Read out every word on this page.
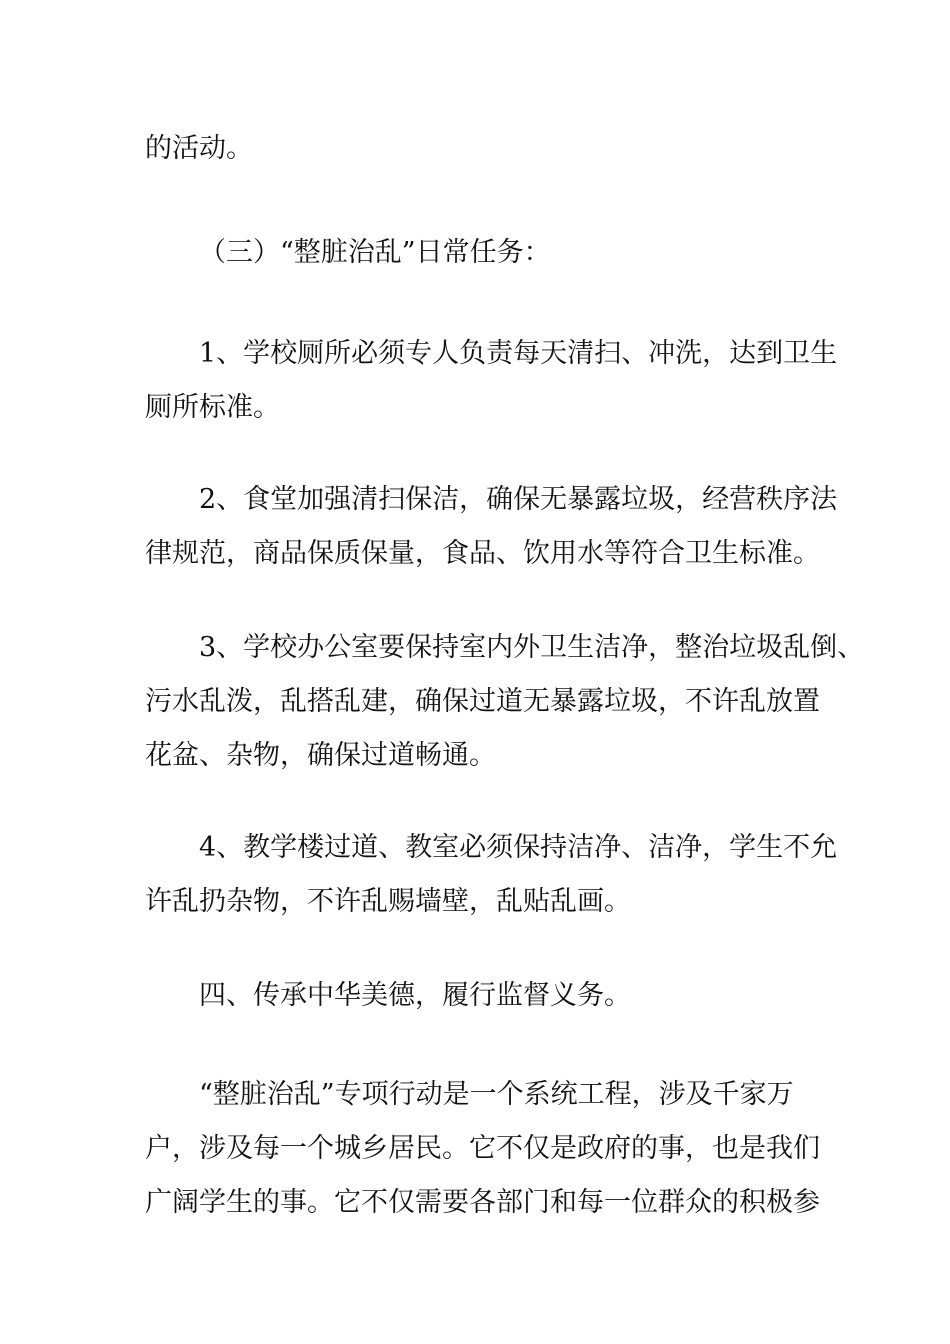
的活动。

（三）“整脏治乱”日常任务：

1、学校厕所必须专人负责每天清扫、冲洗，达到卫生
厕所标准。

2、食堂加强清扫保洁，确保无暴露垃圾，经营秩序法
律规范，商品保质保量，食品、饮用水等符合卫生标准。

3、学校办公室要保持室内外卫生洁净，整治垃圾乱倒、
污水乱泼，乱搭乱建，确保过道无暴露垃圾，不许乱放置
花盆、杂物，确保过道畅通。

4、教学楼过道、教室必须保持洁净、洁净，学生不允
许乱扔杂物，不许乱赐墙壁，乱贴乱画。

四、传承中华美德，履行监督义务。

“整脏治乱”专项行动是一个系统工程，涉及千家万
户，涉及每一个城乡居民。它不仅是政府的事，也是我们
广阔学生的事。它不仅需要各部门和每一位群众的积极参
